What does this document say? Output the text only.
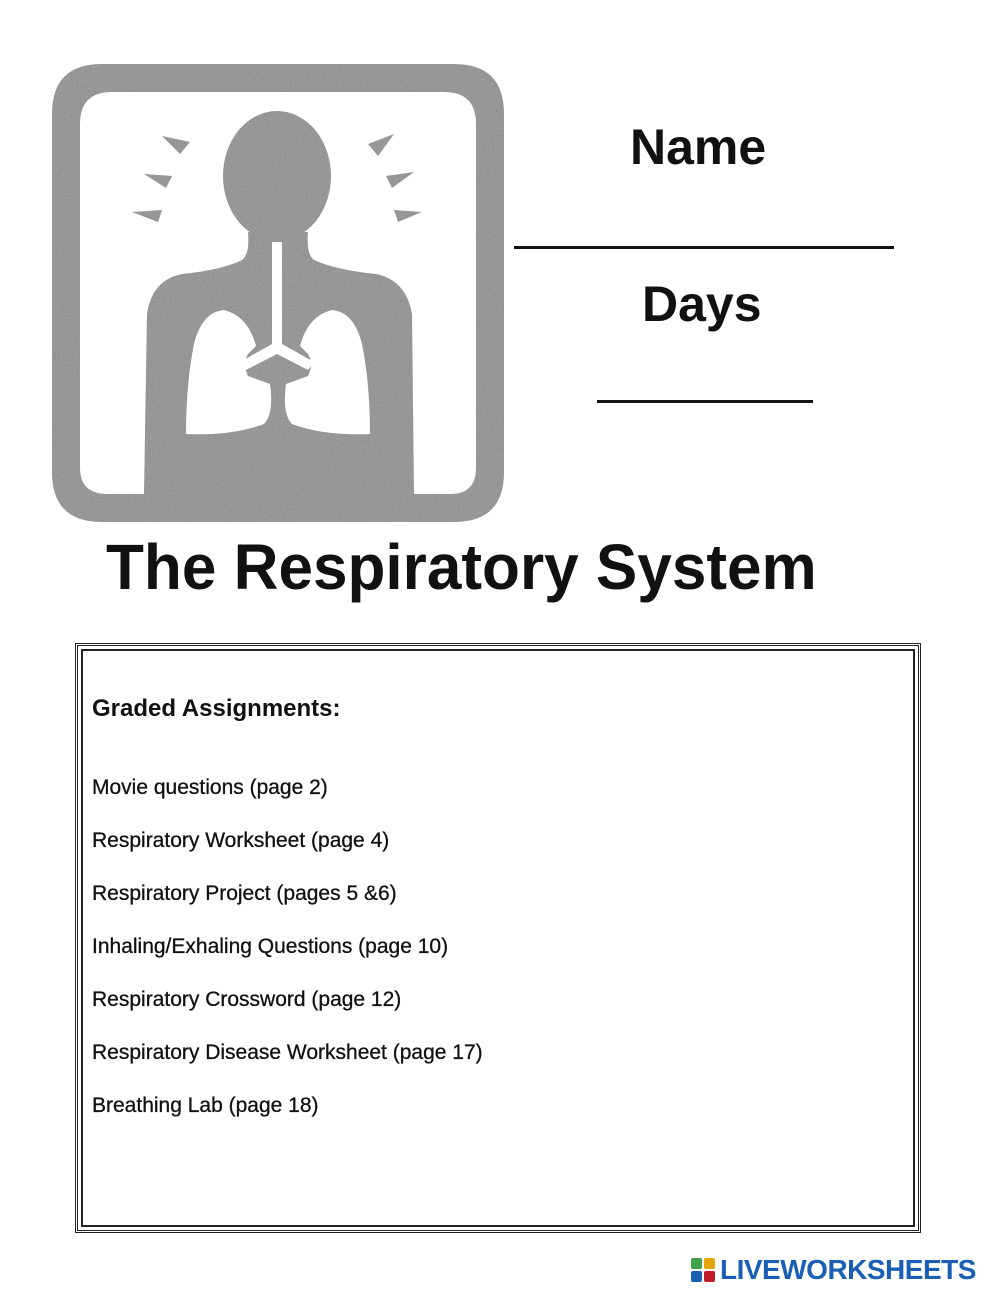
Name
Days
The Respiratory System
Graded Assignments:
Movie questions (page 2)
Respiratory Worksheet (page 4)
Respiratory Project (pages 5 &6)
Inhaling/Exhaling Questions (page 10)
Respiratory Crossword (page 12)
Respiratory Disease Worksheet (page 17)
Breathing Lab (page 18)
LIVEWORKSHEETS
